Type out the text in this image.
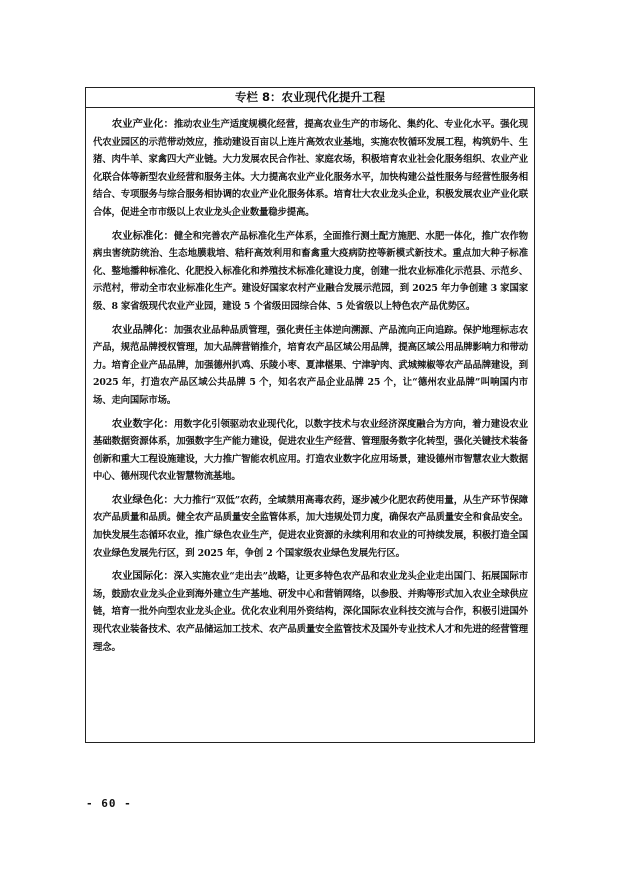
专栏 8：农业现代化提升工程

农业产业化：推动农业生产适度规模化经营，提高农业生产的市场化、集约化、专业化水平。强化现代农业园区的示范带动效应，推动建设百亩以上连片高效农业基地，实施农牧循环发展工程，构筑奶牛、生猪、肉牛羊、家禽四大产业链。大力发展农民合作社、家庭农场，积极培育农业社会化服务组织、农业产业化联合体等新型农业经营和服务主体。大力提高农业产业化服务水平，加快构建公益性服务与经营性服务相结合、专项服务与综合服务相协调的农业产业化服务体系。培育壮大农业龙头企业，积极发展农业产业化联合体，促进全市市级以上农业龙头企业数量稳步提高。

农业标准化：健全和完善农产品标准化生产体系，全面推行测土配方施肥、水肥一体化，推广农作物病虫害统防统治、生态地膜栽培、秸秆高效利用和畜禽重大疫病防控等新模式新技术。重点加大种子标准化、整地播种标准化、化肥投入标准化和养殖技术标准化建设力度，创建一批农业标准化示范县、示范乡、示范村，带动全市农业标准化生产。建设好国家农村产业融合发展示范园，到 2025 年力争创建 3 家国家级、8 家省级现代农业产业园，建设 5 个省级田园综合体、5 处省级以上特色农产品优势区。

农业品牌化：加强农业品种品质管理，强化责任主体逆向溯源、产品流向正向追踪。保护地理标志农产品，规范品牌授权管理，加大品牌营销推介，培育农产品区域公用品牌，提高区域公用品牌影响力和带动力。培育企业产品品牌，加强德州扒鸡、乐陵小枣、夏津椹果、宁津驴肉、武城辣椒等农产品品牌建设，到 2025 年，打造农产品区域公共品牌 5 个，知名农产品企业品牌 25 个，让“德州农业品牌”叫响国内市场、走向国际市场。

农业数字化：用数字化引领驱动农业现代化，以数字技术与农业经济深度融合为方向，着力建设农业基础数据资源体系，加强数字生产能力建设，促进农业生产经营、管理服务数字化转型，强化关键技术装备创新和重大工程设施建设，大力推广智能农机应用。打造农业数字化应用场景，建设德州市智慧农业大数据中心、德州现代农业智慧物流基地。

农业绿色化：大力推行“双低”农药，全域禁用高毒农药，逐步减少化肥农药使用量，从生产环节保障农产品质量和品质。健全农产品质量安全监管体系，加大违规处罚力度，确保农产品质量安全和食品安全。加快发展生态循环农业，推广绿色农业生产，促进农业资源的永续利用和农业的可持续发展，积极打造全国农业绿色发展先行区，到 2025 年，争创 2 个国家级农业绿色发展先行区。

农业国际化：深入实施农业“走出去”战略，让更多特色农产品和农业龙头企业走出国门、拓展国际市场，鼓励农业龙头企业到海外建立生产基地、研发中心和营销网络，以参股、并购等形式加入农业全球供应链，培育一批外向型农业龙头企业。优化农业利用外资结构，深化国际农业科技交流与合作，积极引进国外现代农业装备技术、农产品储运加工技术、农产品质量安全监管技术及国外专业技术人才和先进的经营管理理念。

- 60 -
